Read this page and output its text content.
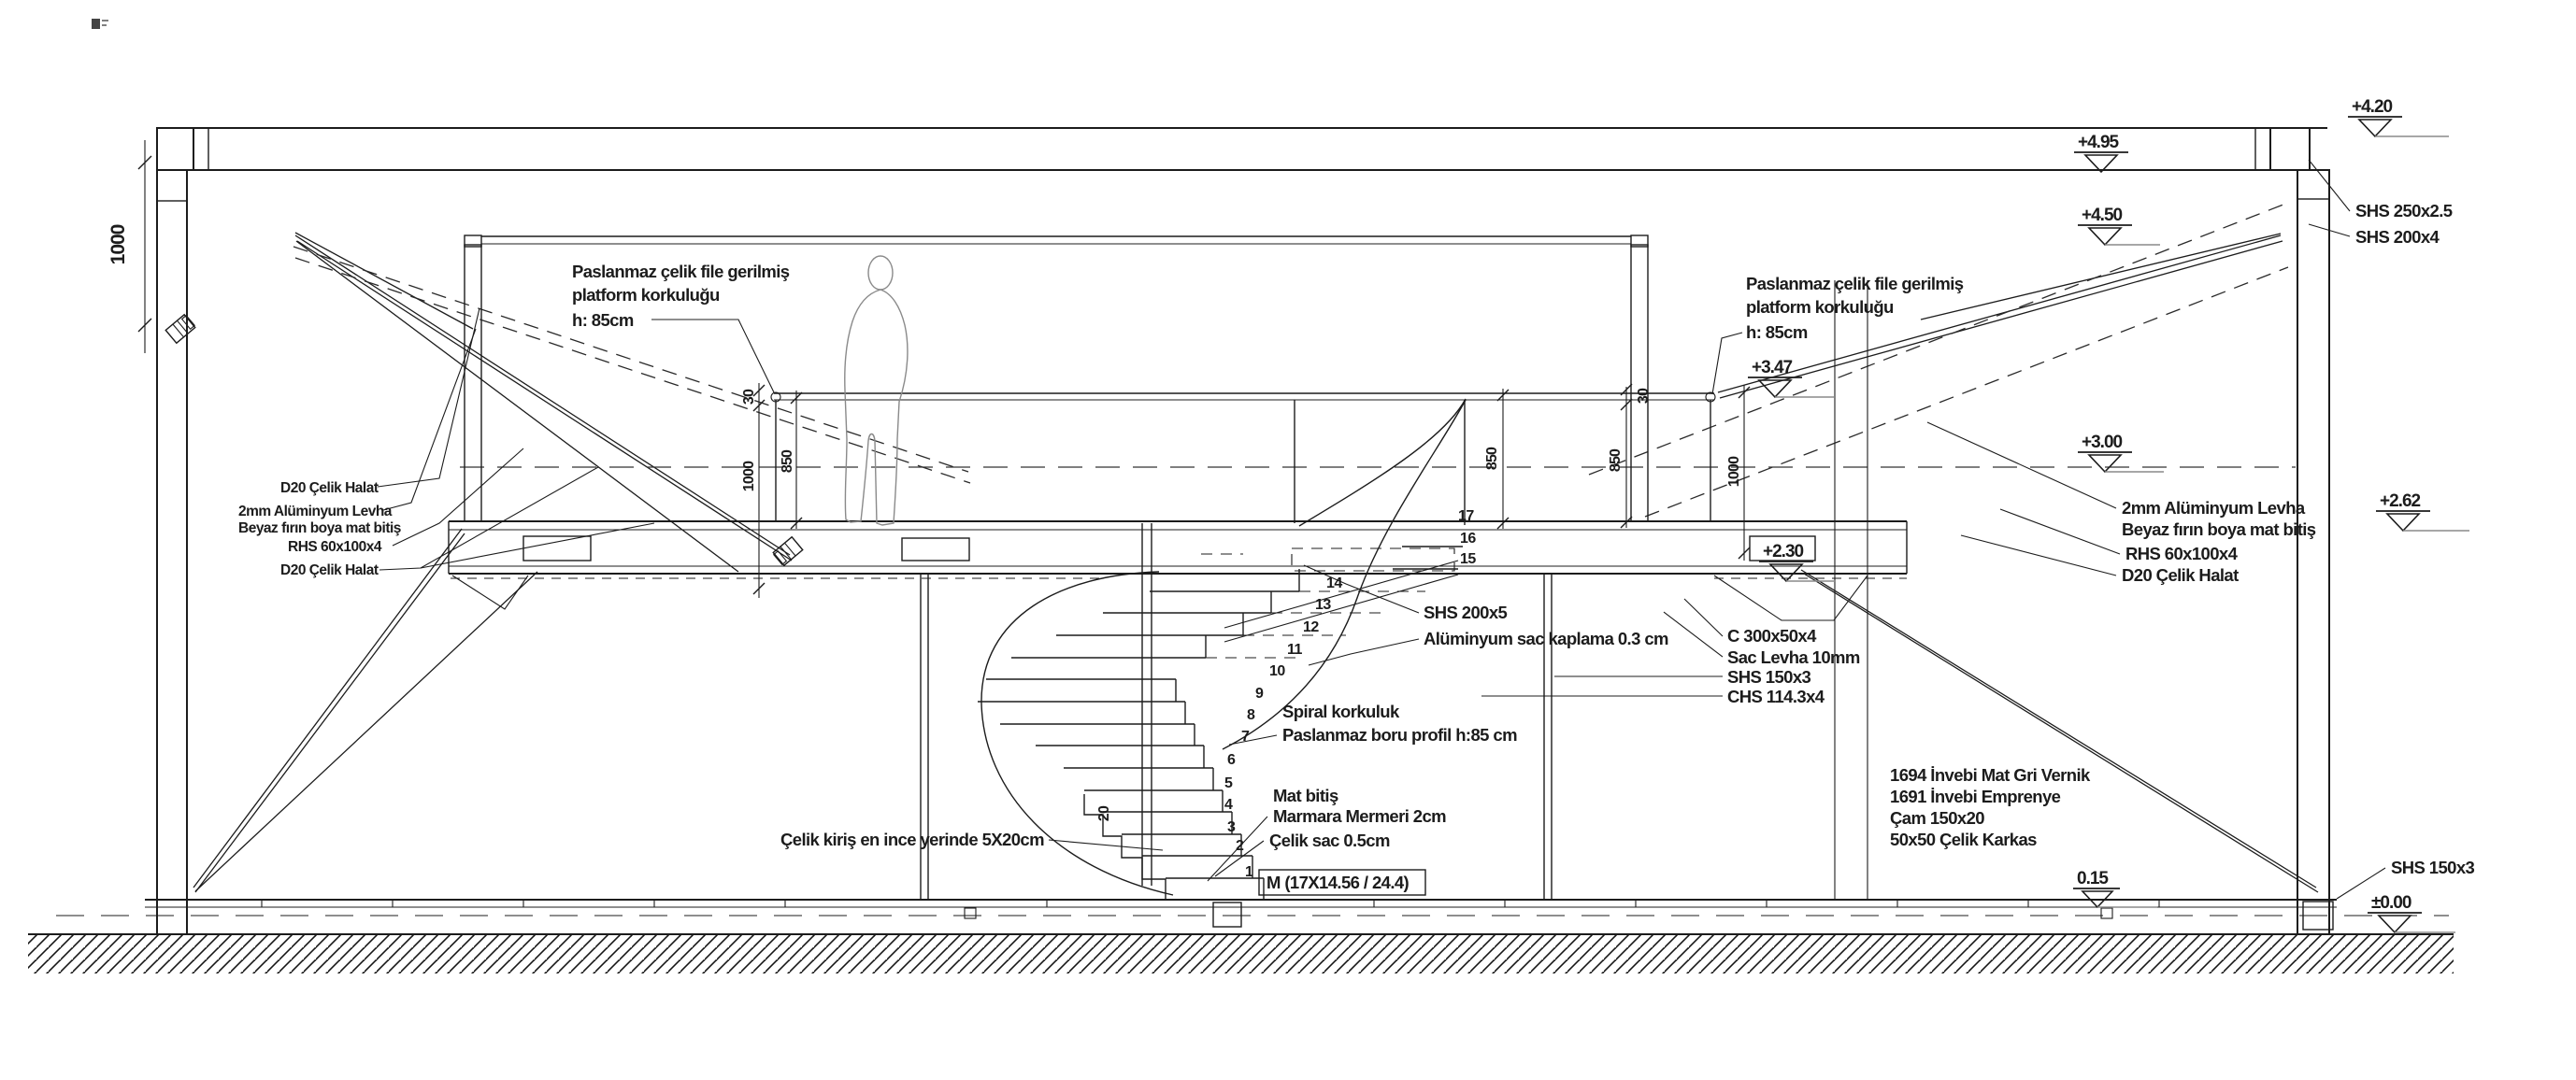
1
2
3
4
5
6
7
8
9
10
11
12
13
14
15
16
17
1000
30
1000 850	850
30
850	1000
20
+4.20
+4.95
+4.50
+3.47
+3.00
+2.62
+2.30
0.15
±0.00
D20 Çelik Halat
2mm Alüminyum Levha
Beyaz fırın boya mat bitiş
RHS 60x100x4
D20 Çelik Halat
Paslanmaz çelik file gerilmiş
platform korkuluğu
h: 85cm
Paslanmaz çelik file gerilmiş
platform korkuluğu
h: 85cm
SHS 200x5
Alüminyum sac kaplama 0.3 cm
Spiral korkuluk
Paslanmaz boru profil h:85 cm
Mat bitiş
Marmara Mermeri 2cm
Çelik sac 0.5cm
Çelik kiriş en ince yerinde 5X20cm
M (17X14.56 / 24.4)
C 300x50x4
Sac Levha 10mm
SHS 150x3
CHS 114.3x4
2mm Alüminyum Levha
Beyaz fırın boya mat bitiş
RHS 60x100x4
D20 Çelik Halat
SHS 150x3
SHS 250x2.5
SHS 200x4
1694 İnvebi Mat Gri Vernik
1691 İnvebi Emprenye
Çam 150x20
50x50 Çelik Karkas
